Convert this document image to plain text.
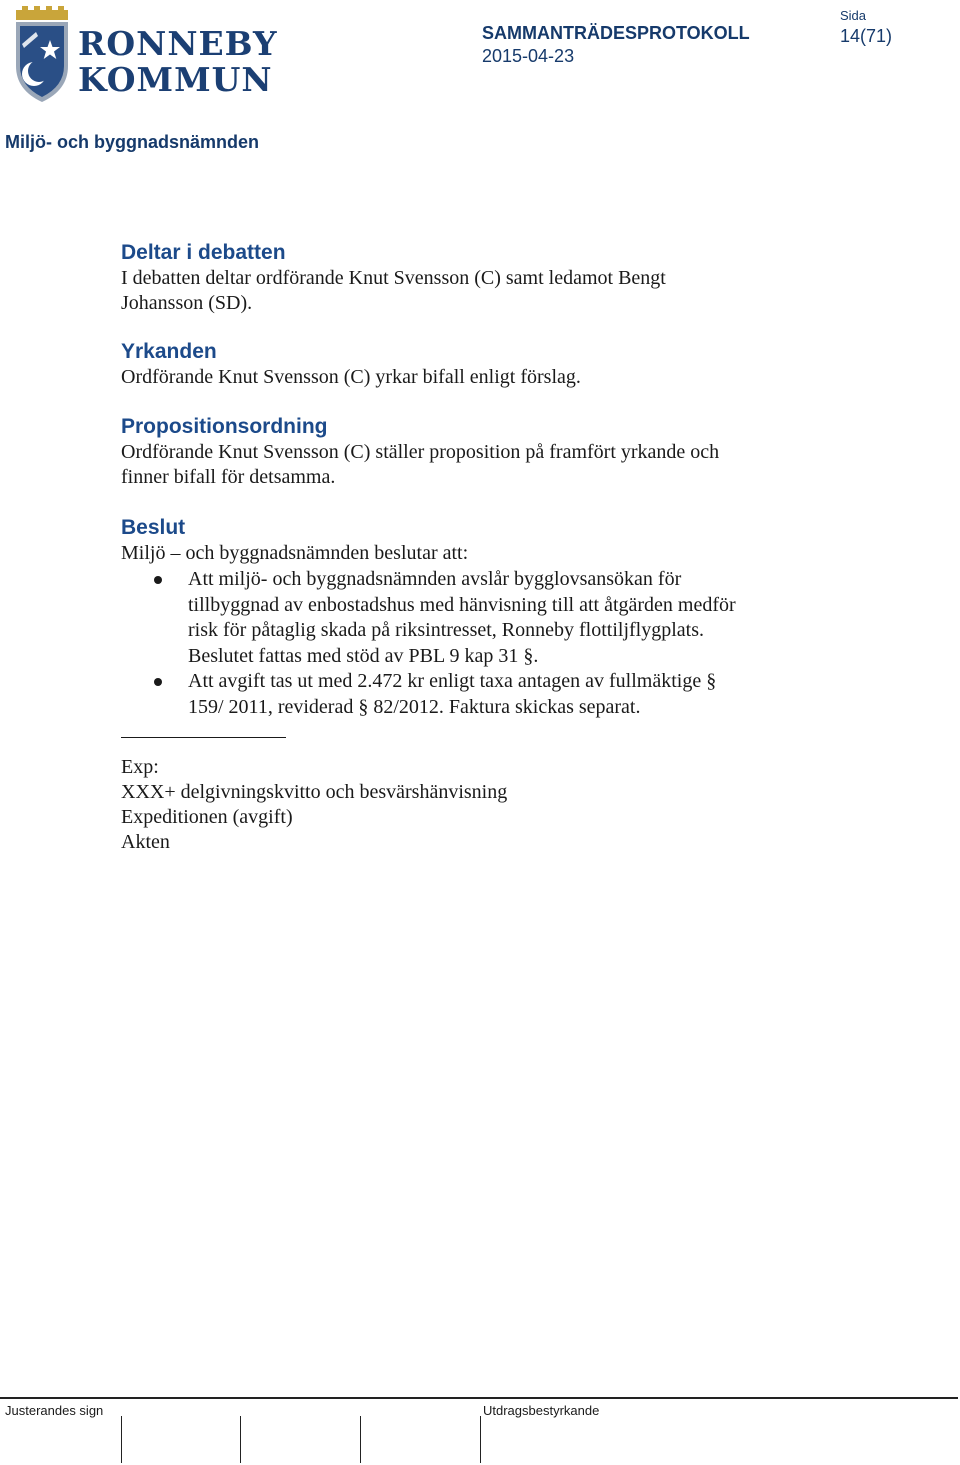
RONNEBY
KOMMUN
SAMMANTRÄDESPROTOKOLL
2015-04-23
Sida
14(71)
Miljö- och byggnadsnämnden
Deltar i debatten

I debatten deltar ordförande Knut Svensson (C) samt ledamot Bengt

Johansson (SD).

Yrkanden

Ordförande Knut Svensson (C) yrkar bifall enligt förslag.

Propositionsordning

Ordförande Knut Svensson (C) ställer proposition på framfört yrkande och

finner bifall för detsamma.

Beslut

Miljö – och byggnadsnämnden beslutar att:

Att miljö- och byggnadsnämnden avslår bygglovsansökan för
tillbyggnad av enbostadshus med hänvisning till att åtgärden medför
risk för påtaglig skada på riksintresset, Ronneby flottiljflygplats.
Beslutet fattas med stöd av PBL 9 kap 31 §.
Att avgift tas ut med 2.472 kr enligt taxa antagen av fullmäktige §
159/ 2011, reviderad § 82/2012. Faktura skickas separat.

Exp:

XXX+ delgivningskvitto och besvärshänvisning

Expeditionen (avgift)

Akten

Justerandes sign	Utdragsbestyrkande
